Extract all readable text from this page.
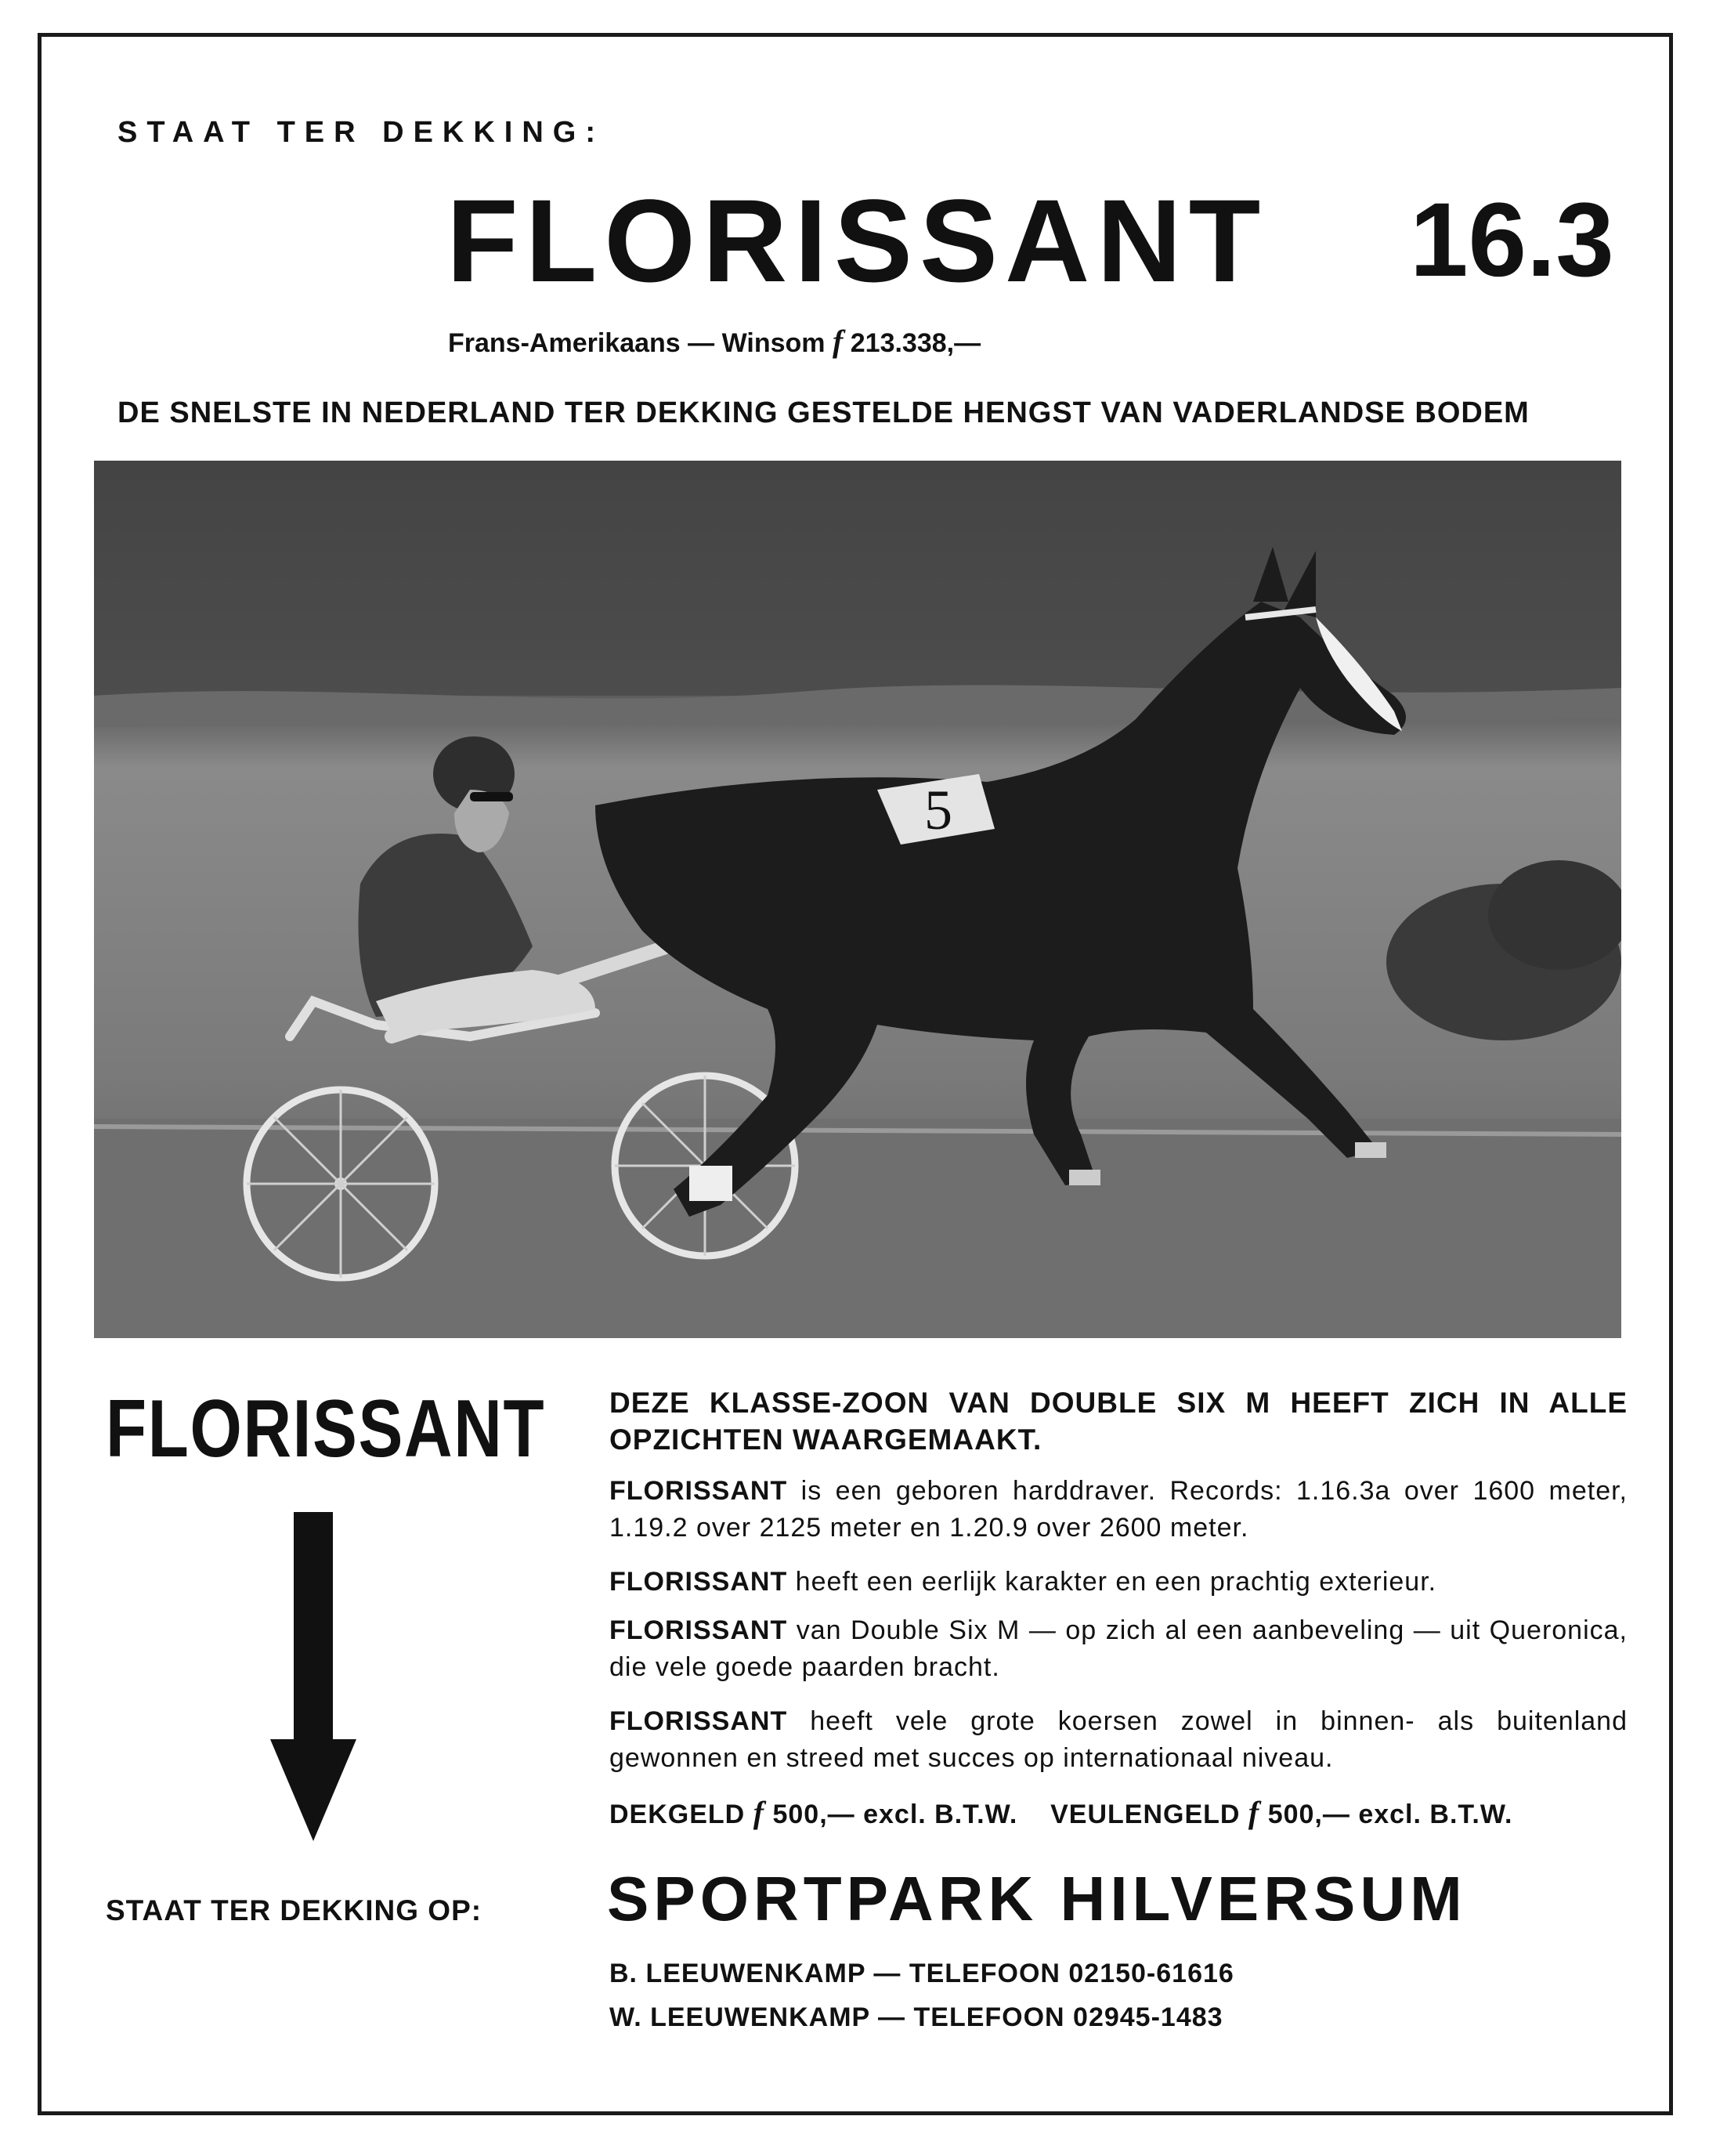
STAAT TER DEKKING:
FLORISSANT 16.3
Frans-Amerikaans — Winsom f 213.338,—
DE SNELSTE IN NEDERLAND TER DEKKING GESTELDE HENGST VAN VADERLANDSE BODEM
5
FLORISSANT
STAAT TER DEKKING OP:
DEZE KLASSE-ZOON VAN DOUBLE SIX M HEEFT ZICH IN ALLE OPZICHTEN WAARGEMAAKT.
FLORISSANT is een geboren harddraver. Records: 1.16.3a over 1600 meter, 1.19.2 over 2125 meter en 1.20.9 over 2600 meter.
FLORISSANT heeft een eerlijk karakter en een prachtig exterieur.
FLORISSANT van Double Six M — op zich al een aanbeveling — uit Queronica, die vele goede paarden bracht.
FLORISSANT heeft vele grote koersen zowel in binnen- als buitenland gewonnen en streed met succes op internationaal niveau.
DEKGELD f 500,— excl. B.T.W. VEULENGELD f 500,— excl. B.T.W.
SPORTPARK HILVERSUM
B. LEEUWENKAMP — TELEFOON 02150-61616
W. LEEUWENKAMP — TELEFOON 02945-1483
